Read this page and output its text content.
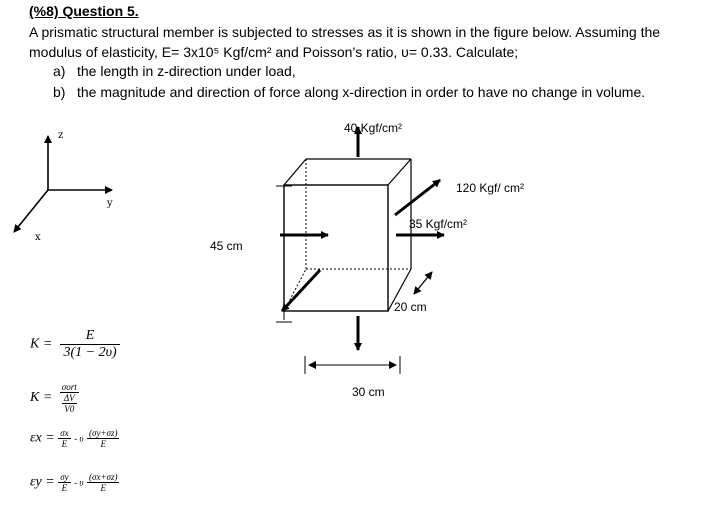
(%8) Question 5.
A prismatic structural member is subjected to stresses as it is shown in the figure below. Assuming the
modulus of elasticity, E= 3x10⁵ Kgf/cm² and Poisson’s ratio, υ= 0.33. Calculate;
a) the length in z-direction under load,
b) the magnitude and direction of force along x-direction in order to have no change in volume.
z
y
x
40 Kgf/cm²
120 Kgf/ cm²
35 Kgf/cm²
45 cm
20 cm
30 cm
$K = \frac{E}{3(1 - 2\upsilon)}$
$K = \frac{\text{σort}}{\frac{\Delta V}{V0}}$
$\varepsilon x = \frac{\sigma x}{E} - \upsilon \frac{(\sigma y+\sigma z)}{E}$
$\varepsilon y = \frac{\sigma y}{E} - \upsilon \frac{(\sigma x+\sigma z)}{E}$
